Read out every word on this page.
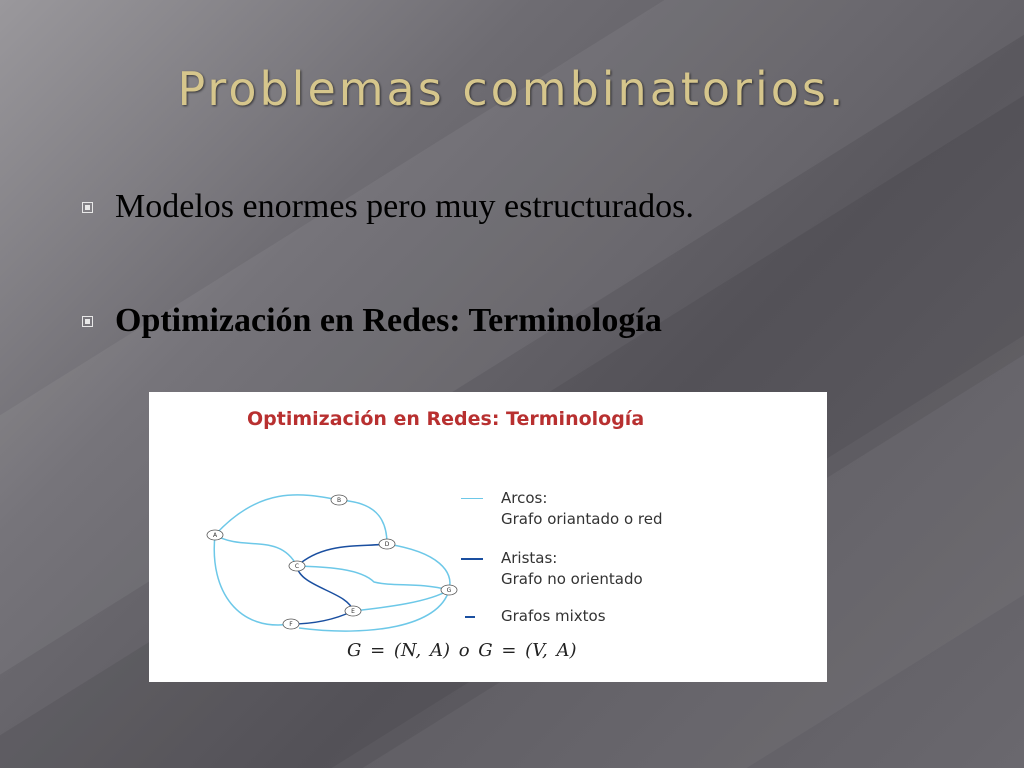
Problemas combinatorios.
Modelos enormes pero muy estructurados.
Optimización en Redes: Terminología
Optimización en Redes: Terminología
A
B
C
D
E
F
G
Arcos:
Grafo oriantado o red
Aristas:
Grafo no orientado
Grafos mixtos
G = (N, A) o G = (V, A)
